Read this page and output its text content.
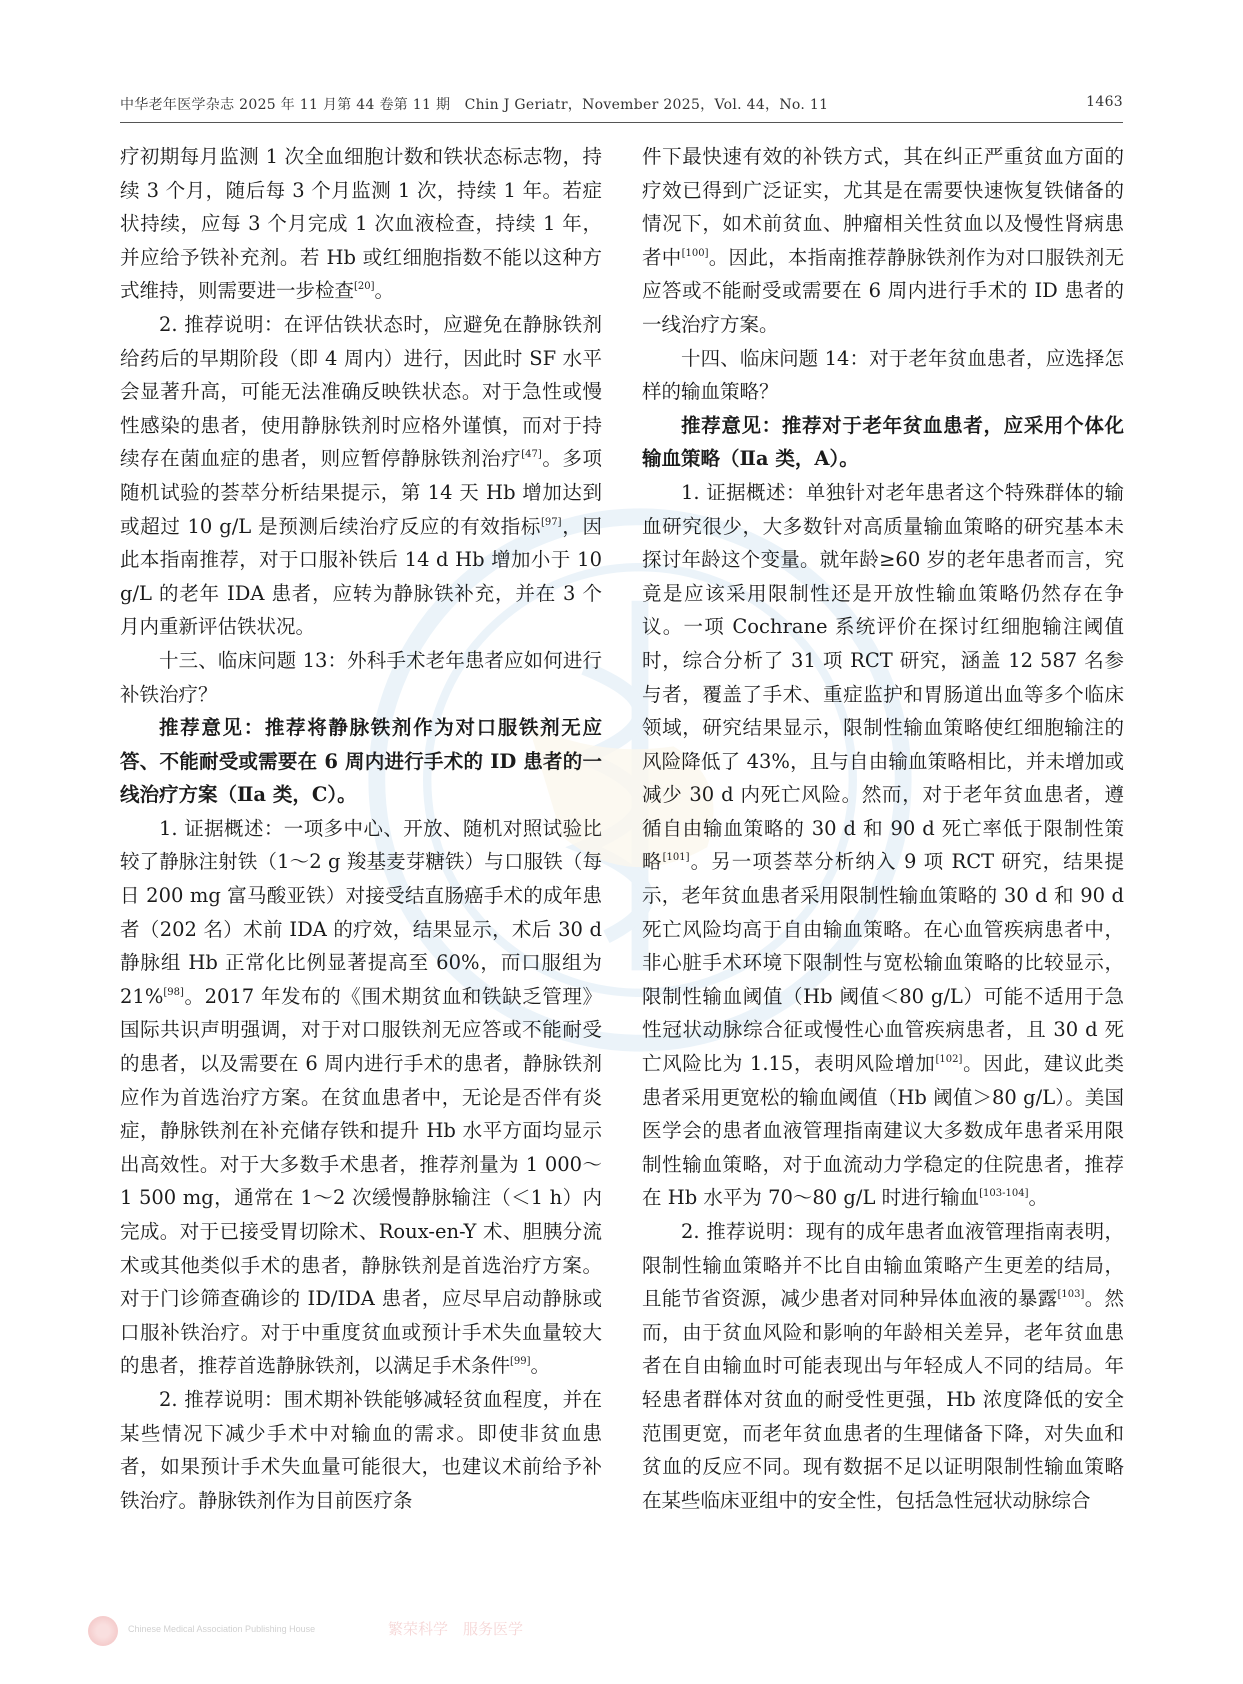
中华老年医学杂志 2025 年 11 月第 44 卷第 11 期　Chin J Geriatr，November 2025，Vol. 44，No. 11	1463

疗初期每月监测 1 次全血细胞计数和铁状态标志物，持续 3 个月，随后每 3 个月监测 1 次，持续 1 年。若症状持续，应每 3 个月完成 1 次血液检查，持续 1 年，并应给予铁补充剂。若 Hb 或红细胞指数不能以这种方式维持，则需要进一步检查[20]。

2. 推荐说明：在评估铁状态时，应避免在静脉铁剂给药后的早期阶段（即 4 周内）进行，因此时 SF 水平会显著升高，可能无法准确反映铁状态。对于急性或慢性感染的患者，使用静脉铁剂时应格外谨慎，而对于持续存在菌血症的患者，则应暂停静脉铁剂治疗[47]。多项随机试验的荟萃分析结果提示，第 14 天 Hb 增加达到或超过 10 g/L 是预测后续治疗反应的有效指标[97]，因此本指南推荐，对于口服补铁后 14 d Hb 增加小于 10 g/L 的老年 IDA 患者，应转为静脉铁补充，并在 3 个月内重新评估铁状况。

十三、临床问题 13：外科手术老年患者应如何进行补铁治疗？

推荐意见：推荐将静脉铁剂作为对口服铁剂无应答、不能耐受或需要在 6 周内进行手术的 ID 患者的一线治疗方案（Ⅱa 类，C）。

1. 证据概述：一项多中心、开放、随机对照试验比较了静脉注射铁（1～2 g 羧基麦芽糖铁）与口服铁（每日 200 mg 富马酸亚铁）对接受结直肠癌手术的成年患者（202 名）术前 IDA 的疗效，结果显示，术后 30 d 静脉组 Hb 正常化比例显著提高至 60%，而口服组为 21%[98]。2017 年发布的《围术期贫血和铁缺乏管理》国际共识声明强调，对于对口服铁剂无应答或不能耐受的患者，以及需要在 6 周内进行手术的患者，静脉铁剂应作为首选治疗方案。在贫血患者中，无论是否伴有炎症，静脉铁剂在补充储存铁和提升 Hb 水平方面均显示出高效性。对于大多数手术患者，推荐剂量为 1 000～1 500 mg，通常在 1～2 次缓慢静脉输注（＜1 h）内完成。对于已接受胃切除术、Roux-en-Y 术、胆胰分流术或其他类似手术的患者，静脉铁剂是首选治疗方案。对于门诊筛查确诊的 ID/IDA 患者，应尽早启动静脉或口服补铁治疗。对于中重度贫血或预计手术失血量较大的患者，推荐首选静脉铁剂，以满足手术条件[99]。

2. 推荐说明：围术期补铁能够减轻贫血程度，并在某些情况下减少手术中对输血的需求。即使非贫血患者，如果预计手术失血量可能很大，也建议术前给予补铁治疗。静脉铁剂作为目前医疗条

件下最快速有效的补铁方式，其在纠正严重贫血方面的疗效已得到广泛证实，尤其是在需要快速恢复铁储备的情况下，如术前贫血、肿瘤相关性贫血以及慢性肾病患者中[100]。因此，本指南推荐静脉铁剂作为对口服铁剂无应答或不能耐受或需要在 6 周内进行手术的 ID 患者的一线治疗方案。

十四、临床问题 14：对于老年贫血患者，应选择怎样的输血策略？

推荐意见：推荐对于老年贫血患者，应采用个体化输血策略（Ⅱa 类，A）。

1. 证据概述：单独针对老年患者这个特殊群体的输血研究很少，大多数针对高质量输血策略的研究基本未探讨年龄这个变量。就年龄≥60 岁的老年患者而言，究竟是应该采用限制性还是开放性输血策略仍然存在争议。一项 Cochrane 系统评价在探讨红细胞输注阈值时，综合分析了 31 项 RCT 研究，涵盖 12 587 名参与者，覆盖了手术、重症监护和胃肠道出血等多个临床领域，研究结果显示，限制性输血策略使红细胞输注的风险降低了 43%，且与自由输血策略相比，并未增加或减少 30 d 内死亡风险。然而，对于老年贫血患者，遵循自由输血策略的 30 d 和 90 d 死亡率低于限制性策略[101]。另一项荟萃分析纳入 9 项 RCT 研究，结果提示，老年贫血患者采用限制性输血策略的 30 d 和 90 d 死亡风险均高于自由输血策略。在心血管疾病患者中，非心脏手术环境下限制性与宽松输血策略的比较显示，限制性输血阈值（Hb 阈值＜80 g/L）可能不适用于急性冠状动脉综合征或慢性心血管疾病患者，且 30 d 死亡风险比为 1.15，表明风险增加[102]。因此，建议此类患者采用更宽松的输血阈值（Hb 阈值＞80 g/L）。美国医学会的患者血液管理指南建议大多数成年患者采用限制性输血策略，对于血流动力学稳定的住院患者，推荐在 Hb 水平为 70～80 g/L 时进行输血[103-104]。

2. 推荐说明：现有的成年患者血液管理指南表明，限制性输血策略并不比自由输血策略产生更差的结局，且能节省资源，减少患者对同种异体血液的暴露[103]。然而，由于贫血风险和影响的年龄相关差异，老年贫血患者在自由输血时可能表现出与年轻成人不同的结局。年轻患者群体对贫血的耐受性更强，Hb 浓度降低的安全范围更宽，而老年贫血患者的生理储备下降，对失血和贫血的反应不同。现有数据不足以证明限制性输血策略在某些临床亚组中的安全性，包括急性冠状动脉综合

Chinese Medical Association Publishing House	繁荣科学　服务医学
